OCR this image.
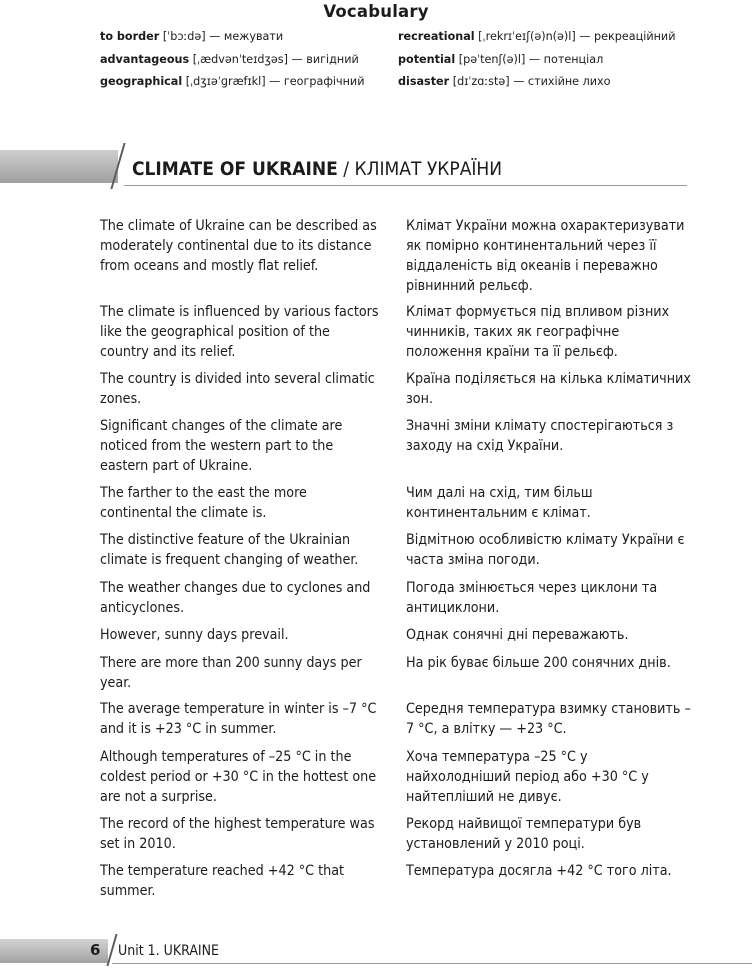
Vocabulary
to border [ˈbɔːdə] — межувати
advantageous [ˌædvənˈteɪdʒəs] — вигідний
geographical [ˌdʒɪəˈɡræfɪkl] — географічний
recreational [ˌrekrɪˈeɪʃ(ə)n(ə)l] — рекреаційний
potential [pəˈtenʃ(ə)l] — потенціал
disaster [dɪˈzɑːstə] — стихійне лихо
CLIMATE OF UKRAINE / КЛІМАТ УКРАЇНИ

The climate of Ukraine can be described as moderately continental due to its distance from oceans and mostly flat relief.

Клімат України можна охарактеризувати як помірно континентальний через її віддаленість від океанів і переважно рівнинний рельєф.

The climate is influenced by various factors like the geographical position of the country and its relief.

Клімат формується під впливом різних чинників, таких як географічне положення країни та її рельєф.

The country is divided into several climatic zones.

Країна поділяється на кілька кліматичних зон.

Significant changes of the climate are noticed from the western part to the eastern part of Ukraine.

Значні зміни клімату спостерігаються з заходу на схід України.

The farther to the east the more continental the climate is.

Чим далі на схід, тим більш континентальним є клімат.

The distinctive feature of the Ukrainian climate is frequent changing of weather.

Відмітною особливістю клімату України є часта зміна погоди.

The weather changes due to cyclones and anticyclones.

Погода змінюється через циклони та антициклони.

However, sunny days prevail.	Однак сонячні дні переважають.

There are more than 200 sunny days per year.

На рік буває більше 200 сонячних днів.

The average temperature in winter is –7 °C and it is +23 °C in summer.

Середня температура взимку становить –7 °C, а влітку — +23 °C.

Although temperatures of –25 °C in the coldest period or +30 °C in the hottest one are not a surprise.

Хоча температура –25 °C у найхолодніший період або +30 °C у найтепліший не дивує.

The record of the highest temperature was set in 2010.

Рекорд найвищої температури був установлений у 2010 році.

The temperature reached +42 °C that summer.

Температура досягла +42 °C того літа.

6 Unit 1. UKRAINE
